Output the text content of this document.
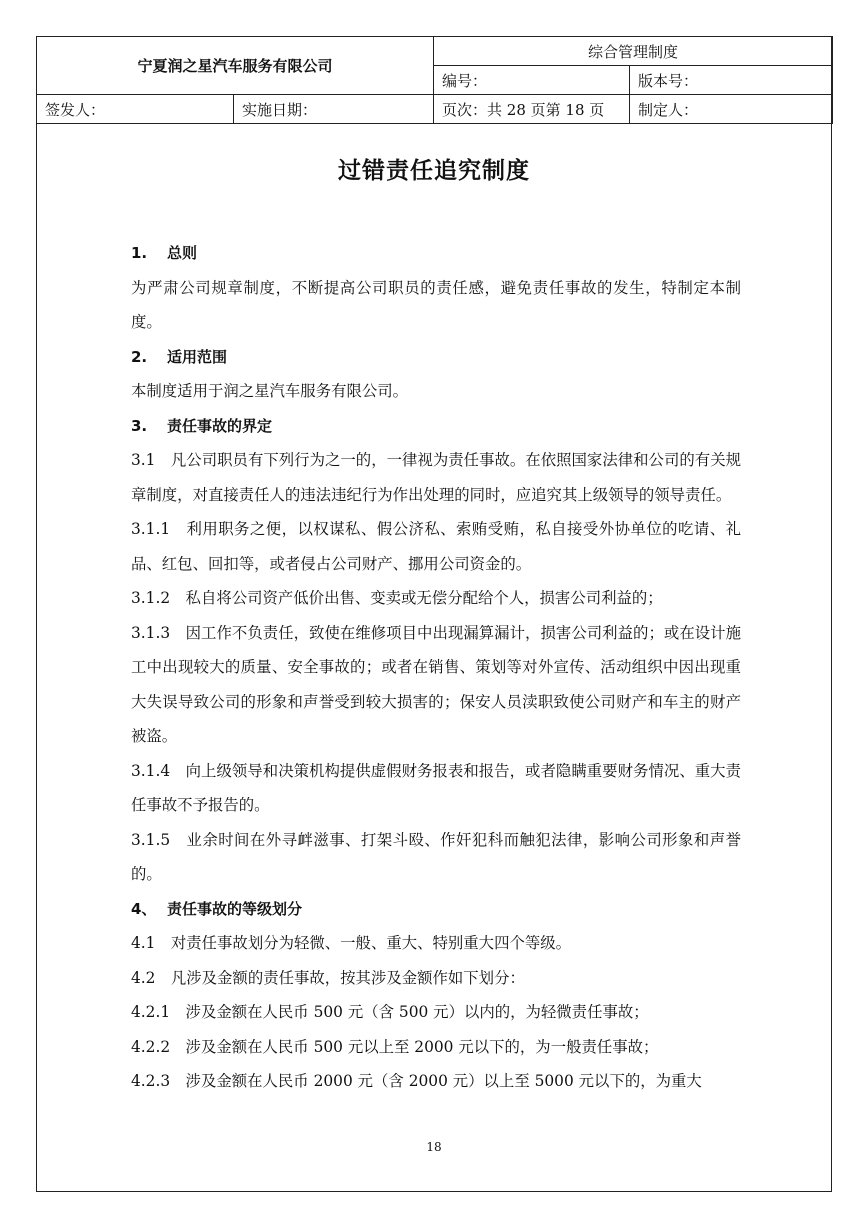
宁夏润之星汽车服务有限公司		综合管理制度	
		编号：	版本号：
签发人：	实施日期：	页次：共 28 页第 18 页	制定人：
过错责任追究制度

1. 总则

为严肃公司规章制度，不断提高公司职员的责任感，避免责任事故的发生，特制定本制度。

2. 适用范围

本制度适用于润之星汽车服务有限公司。

3. 责任事故的界定

3.1　凡公司职员有下列行为之一的，一律视为责任事故。在依照国家法律和公司的有关规章制度，对直接责任人的违法违纪行为作出处理的同时，应追究其上级领导的领导责任。

3.1.1　利用职务之便，以权谋私、假公济私、索贿受贿，私自接受外协单位的吃请、礼品、红包、回扣等，或者侵占公司财产、挪用公司资金的。

3.1.2　私自将公司资产低价出售、变卖或无偿分配给个人，损害公司利益的；

3.1.3　因工作不负责任，致使在维修项目中出现漏算漏计，损害公司利益的；或在设计施工中出现较大的质量、安全事故的；或者在销售、策划等对外宣传、活动组织中因出现重大失误导致公司的形象和声誉受到较大损害的；保安人员渎职致使公司财产和车主的财产被盗。

3.1.4　向上级领导和决策机构提供虚假财务报表和报告，或者隐瞒重要财务情况、重大责任事故不予报告的。

3.1.5　业余时间在外寻衅滋事、打架斗殴、作奸犯科而触犯法律，影响公司形象和声誉的。

4、 责任事故的等级划分

4.1　对责任事故划分为轻微、一般、重大、特别重大四个等级。

4.2　凡涉及金额的责任事故，按其涉及金额作如下划分：

4.2.1　涉及金额在人民币 500 元（含 500 元）以内的，为轻微责任事故；

4.2.2　涉及金额在人民币 500 元以上至 2000 元以下的，为一般责任事故；

4.2.3　涉及金额在人民币 2000 元（含 2000 元）以上至 5000 元以下的，为重大

18
